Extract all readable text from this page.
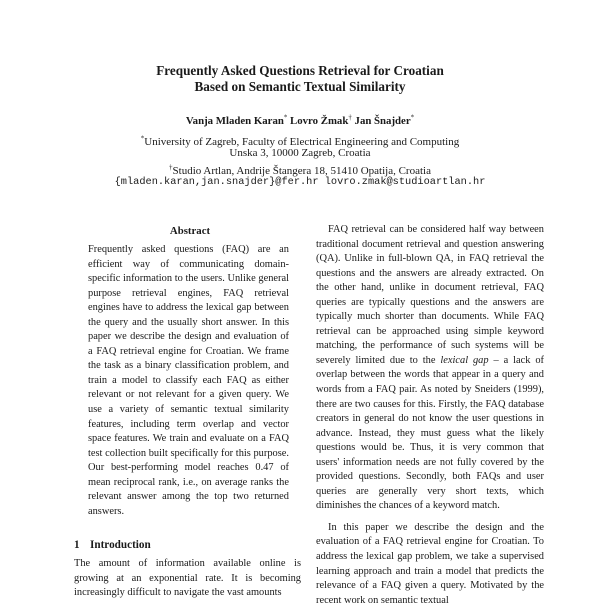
Frequently Asked Questions Retrieval for Croatian
Based on Semantic Textual Similarity
Vanja Mladen Karan* Lovro Žmak† Jan Šnajder*
*University of Zagreb, Faculty of Electrical Engineering and Computing
Unska 3, 10000 Zagreb, Croatia
†Studio Artlan, Andrije Štangera 18, 51410 Opatija, Croatia
{mladen.karan,jan.snajder}@fer.hr lovro.zmak@studioartlan.hr
Abstract
Frequently asked questions (FAQ) are an efficient way of communicating domain-specific information to the users. Unlike general purpose retrieval engines, FAQ retrieval engines have to address the lexical gap between the query and the usually short answer. In this paper we describe the design and evaluation of a FAQ retrieval engine for Croatian. We frame the task as a binary classification problem, and train a model to classify each FAQ as either relevant or not relevant for a given query. We use a variety of semantic textual similarity features, including term overlap and vector space features. We train and evaluate on a FAQ test collection built specifically for this purpose. Our best-performing model reaches 0.47 of mean reciprocal rank, i.e., on average ranks the relevant answer among the top two returned answers.
1 Introduction
The amount of information available online is growing at an exponential rate. It is becoming increasingly difficult to navigate the vast amounts

FAQ retrieval can be considered half way between traditional document retrieval and question answering (QA). Unlike in full-blown QA, in FAQ retrieval the questions and the answers are already extracted. On the other hand, unlike in document retrieval, FAQ queries are typically questions and the answers are typically much shorter than documents. While FAQ retrieval can be approached using simple keyword matching, the performance of such systems will be severely limited due to the lexical gap – a lack of overlap between the words that appear in a query and words from a FAQ pair. As noted by Sneiders (1999), there are two causes for this. Firstly, the FAQ database creators in general do not know the user questions in advance. Instead, they must guess what the likely questions would be. Thus, it is very common that users' information needs are not fully covered by the provided questions. Secondly, both FAQs and user queries are generally very short texts, which diminishes the chances of a keyword match.

In this paper we describe the design and the evaluation of a FAQ retrieval engine for Croatian. To address the lexical gap problem, we take a supervised learning approach and train a model that predicts the relevance of a FAQ given a query. Motivated by the recent work on semantic textual
